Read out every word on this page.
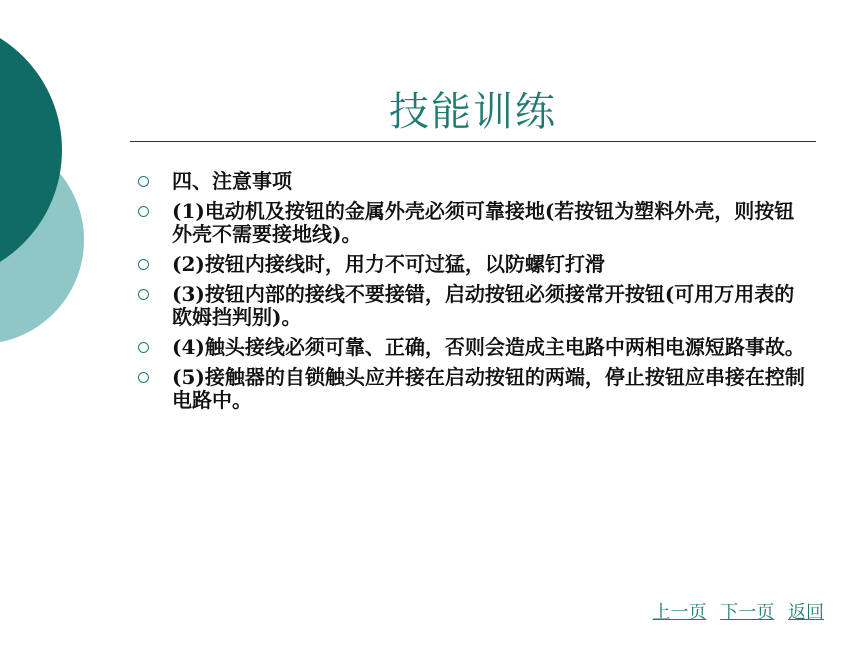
技能训练
四、注意事项
(1)电动机及按钮的金属外壳必须可靠接地(若按钮为塑料外壳，则按钮外壳不需要接地线)。
(2)按钮内接线时，用力不可过猛，以防螺钉打滑
(3)按钮内部的接线不要接错，启动按钮必须接常开按钮(可用万用表的欧姆挡判别)。
(4)触头接线必须可靠、正确，否则会造成主电路中两相电源短路事故。
(5)接触器的自锁触头应并接在启动按钮的两端，停止按钮应串接在控制电路中。
上一页 下一页 返回
